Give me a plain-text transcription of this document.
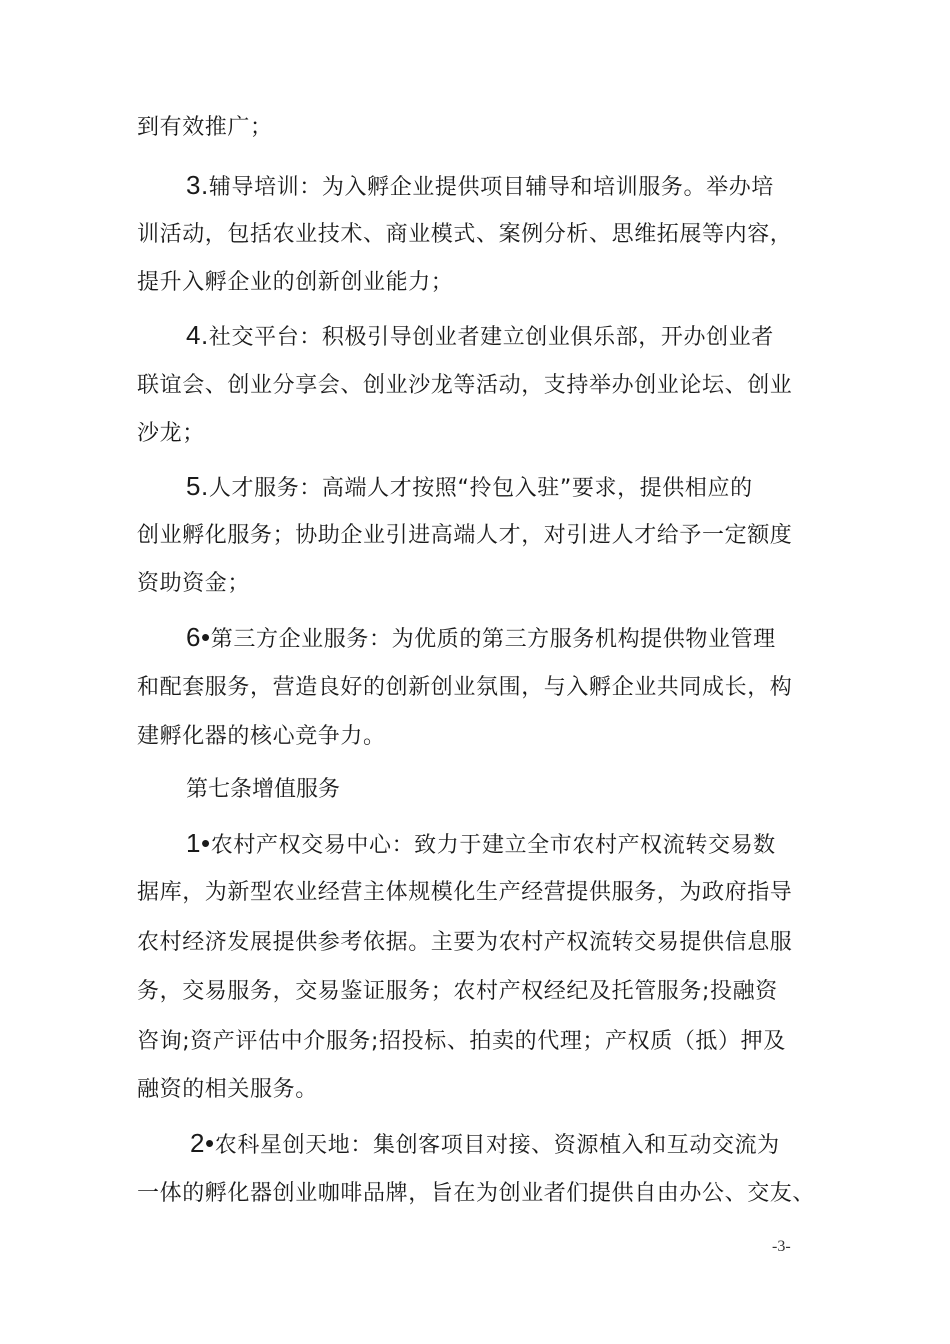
到有效推广；
3.辅导培训：为入孵企业提供项目辅导和培训服务。举办培
训活动，包括农业技术、商业模式、案例分析、思维拓展等内容，
提升入孵企业的创新创业能力；
4.社交平台：积极引导创业者建立创业俱乐部，开办创业者
联谊会、创业分享会、创业沙龙等活动，支持举办创业论坛、创业
沙龙；
5.人才服务：高端人才按照“拎包入驻”要求，提供相应的
创业孵化服务；协助企业引进高端人才，对引进人才给予一定额度
资助资金；
6•第三方企业服务：为优质的第三方服务机构提供物业管理
和配套服务，营造良好的创新创业氛围，与入孵企业共同成长，构
建孵化器的核心竞争力。
第七条增值服务
1•农村产权交易中心：致力于建立全市农村产权流转交易数
据库，为新型农业经营主体规模化生产经营提供服务，为政府指导
农村经济发展提供参考依据。主要为农村产权流转交易提供信息服
务，交易服务，交易鉴证服务；农村产权经纪及托管服务;投融资
咨询;资产评估中介服务;招投标、拍卖的代理；产权质（抵）押及
融资的相关服务。
2•农科星创天地：集创客项目对接、资源植入和互动交流为
一体的孵化器创业咖啡品牌，旨在为创业者们提供自由办公、交友、
-3-
